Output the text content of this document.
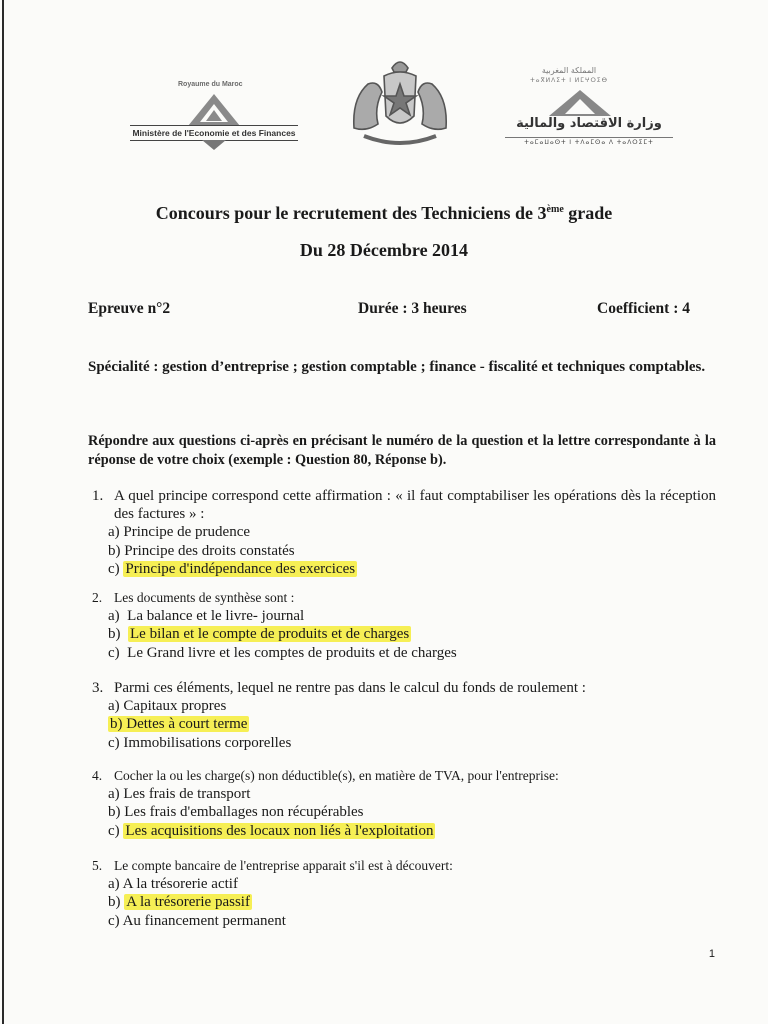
Royaume du Maroc
Ministère de l'Economie et des Finances
المملكة المغربية
ⵜⴰⴳⵍⴷⵉⵜ ⵏ ⵍⵎⵖⵔⵉⴱ
وزارة الاقتصاد والمالية
ⵜⴰⵎⴰⵡⴰⵙⵜ ⵏ ⵜⴷⴰⵎⵙⴰ ⴷ ⵜⴰⴷⵔⵉⵎⵜ
Concours pour le recrutement des Techniciens de 3ème grade
Du 28 Décembre 2014
Epreuve n°2	Durée : 3 heures	Coefficient : 4
Spécialité : gestion d’entreprise ; gestion comptable ; finance - fiscalité et techniques comptables.
Répondre aux questions ci-après en précisant le numéro de la question et la lettre correspondante à la réponse de votre choix (exemple : Question 80, Réponse b).
1. A quel principe correspond cette affirmation : « il faut comptabiliser les opérations dès la réception des factures » :
a) Principe de prudence
b) Principe des droits constatés
c) Principe d'indépendance des exercices
2. Les documents de synthèse sont :
a) La balance et le livre- journal
b) Le bilan et le compte de produits et de charges
c) Le Grand livre et les comptes de produits et de charges
3. Parmi ces éléments, lequel ne rentre pas dans le calcul du fonds de roulement :
a) Capitaux propres
b) Dettes à court terme
c) Immobilisations corporelles
4. Cocher la ou les charge(s) non déductible(s), en matière de TVA, pour l'entreprise:
a) Les frais de transport
b) Les frais d'emballages non récupérables
c) Les acquisitions des locaux non liés à l'exploitation
5. Le compte bancaire de l'entreprise apparait s'il est à découvert:
a) A la trésorerie actif
b) A la trésorerie passif
c) Au financement permanent
1
